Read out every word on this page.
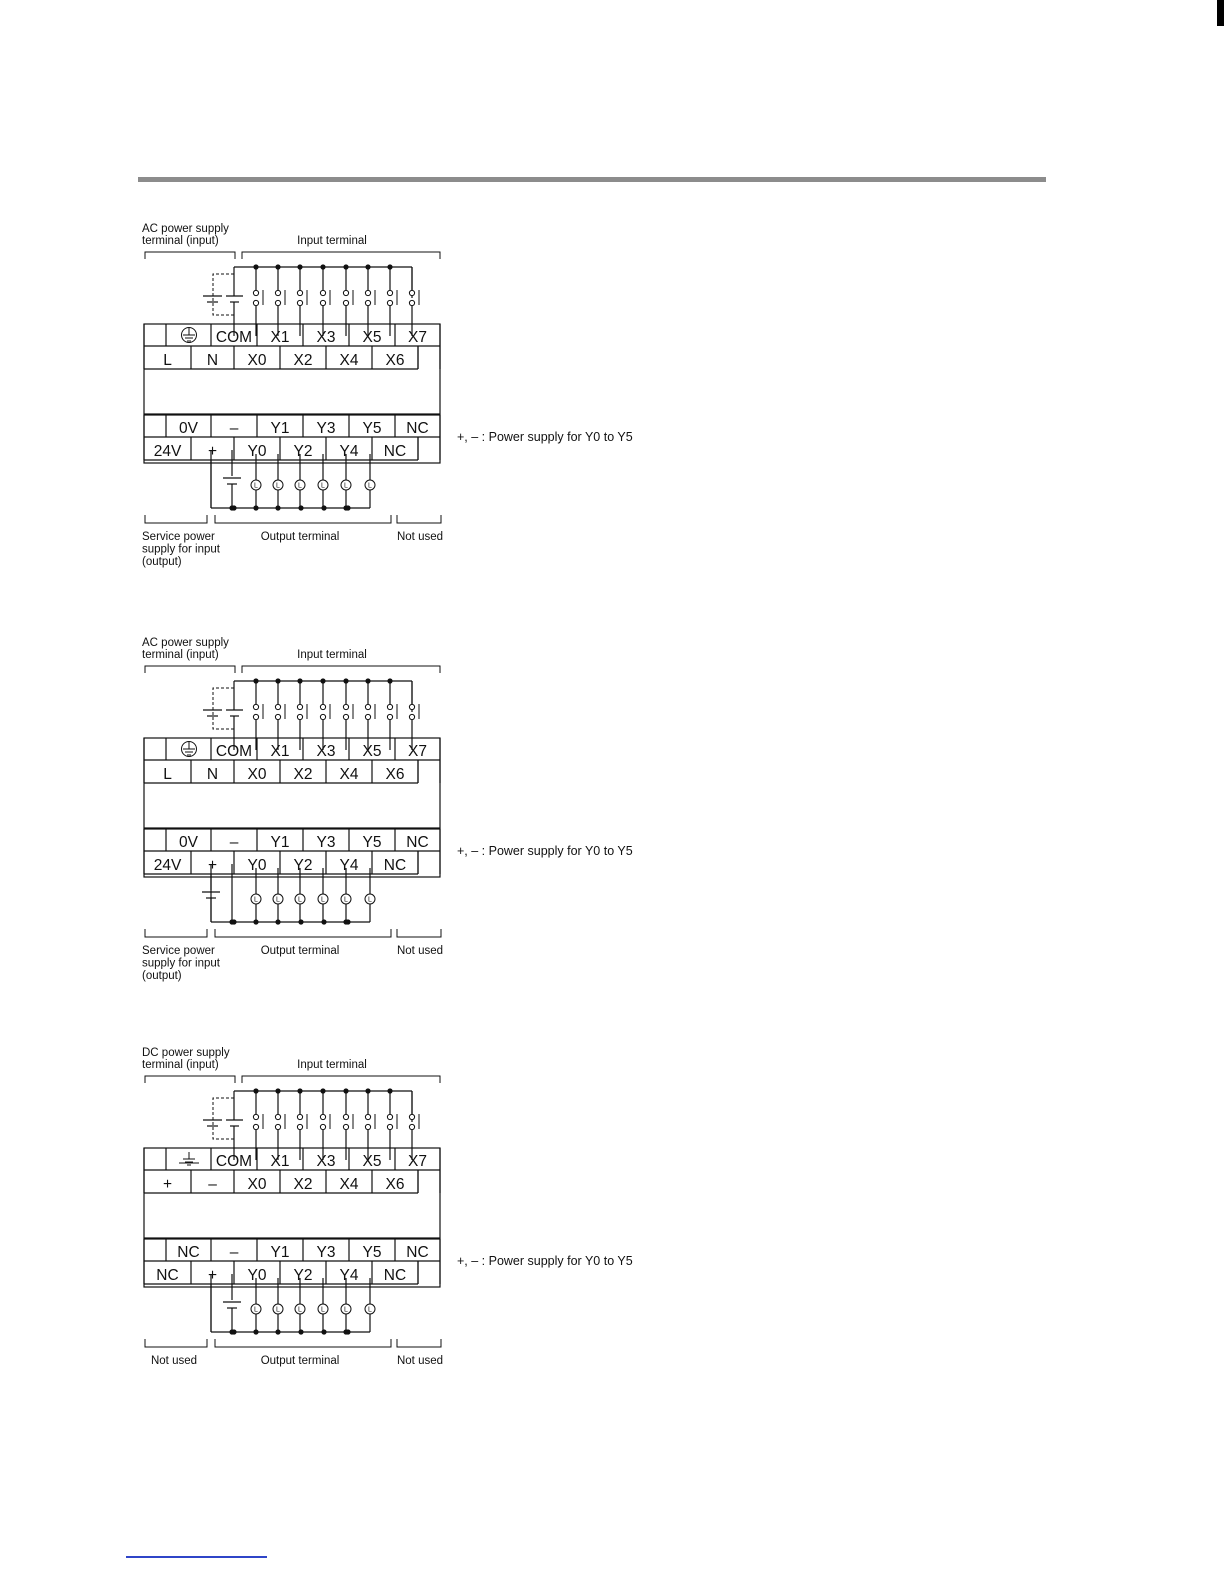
AC power supply
terminal (input)	Input terminal
COM X1 X3 X5 X7
L N X0 X2 X4 X6
0V – Y1 Y3 Y5 NC
24V + Y0 Y2 Y4 NC
+, – : Power supply for Y0 to Y5
L	L	L	L	L	L
Service power
supply for input
(output)
Output terminal	Not used
AC power supply
terminal (input)	Input terminal
COM X1 X3 X5 X7
L N X0 X2 X4 X6
0V – Y1 Y3 Y5 NC
24V + Y0 Y2 Y4 NC
+, – : Power supply for Y0 to Y5
L	L	L	L	L	L
Service power
supply for input
(output)
Output terminal	Not used
DC power supply
terminal (input)	Input terminal
COM X1 X3 X5 X7
+ – X0 X2 X4 X6
NC – Y1 Y3 Y5 NC
NC + Y0 Y2 Y4 NC
+, – : Power supply for Y0 to Y5
L	L	L	L	L	L
Not used	Output terminal	Not used
